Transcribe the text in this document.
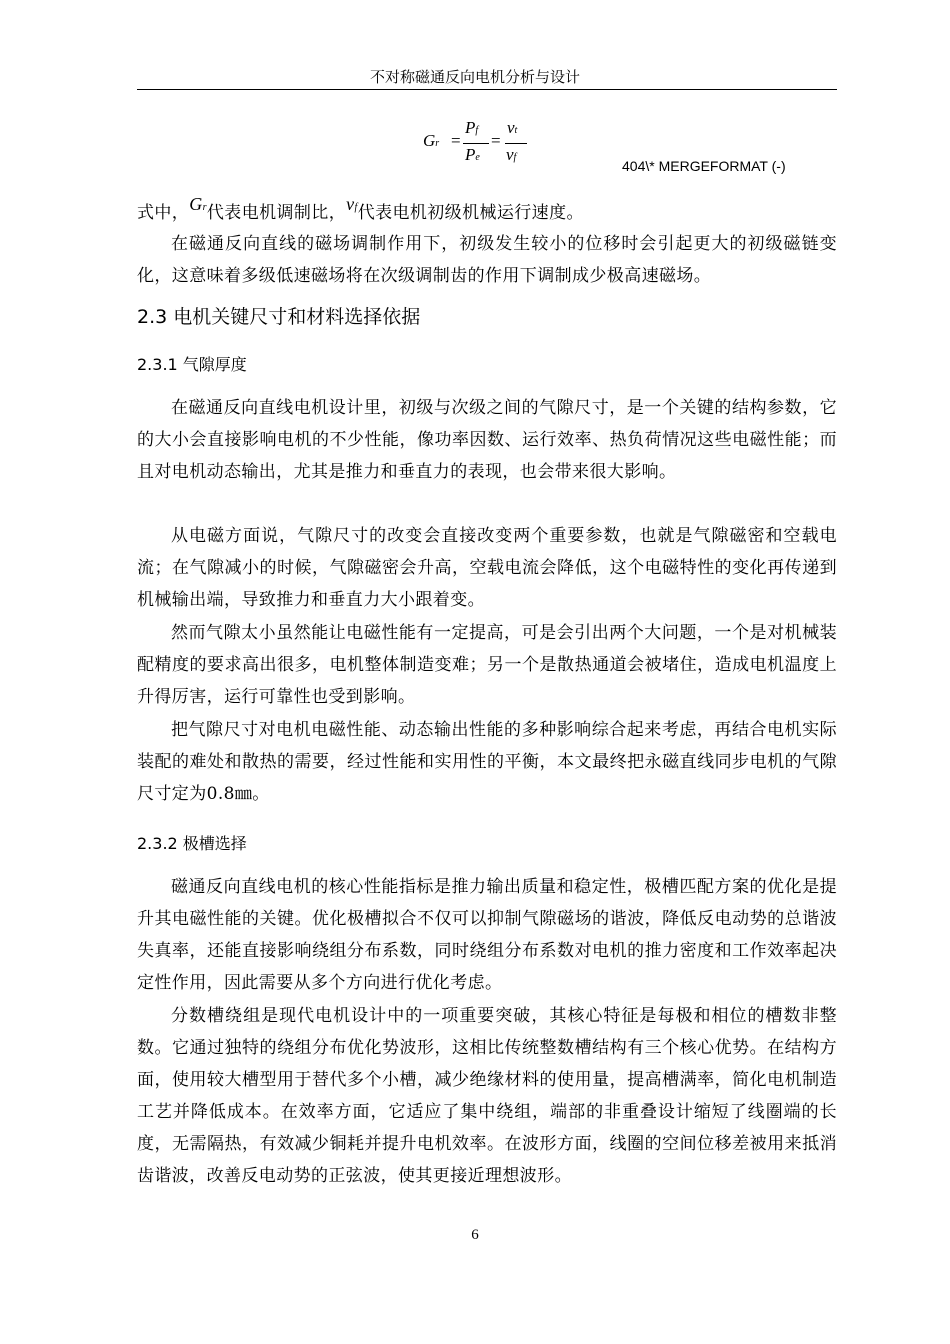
不对称磁通反向电机分析与设计
Gr =
Pf
Pe
=
vt
vf
404\* MERGEFORMAT (-)
式中，Gr代表电机调制比，vf代表电机初级机械运行速度。

在磁通反向直线的磁场调制作用下，初级发生较小的位移时会引起更大的初级磁链变化，这意味着多级低速磁场将在次级调制齿的作用下调制成少极高速磁场。

2.3 电机关键尺寸和材料选择依据
2.3.1 气隙厚度

在磁通反向直线电机设计里，初级与次级之间的气隙尺寸，是一个关键的结构参数，它的大小会直接影响电机的不少性能，像功率因数、运行效率、热负荷情况这些电磁性能；而且对电机动态输出，尤其是推力和垂直力的表现，也会带来很大影响。

从电磁方面说，气隙尺寸的改变会直接改变两个重要参数，也就是气隙磁密和空载电流；在气隙减小的时候，气隙磁密会升高，空载电流会降低，这个电磁特性的变化再传递到机械输出端，导致推力和垂直力大小跟着变。

然而气隙太小虽然能让电磁性能有一定提高，可是会引出两个大问题，一个是对机械装配精度的要求高出很多，电机整体制造变难；另一个是散热通道会被堵住，造成电机温度上升得厉害，运行可靠性也受到影响。

把气隙尺寸对电机电磁性能、动态输出性能的多种影响综合起来考虑，再结合电机实际装配的难处和散热的需要，经过性能和实用性的平衡，本文最终把永磁直线同步电机的气隙尺寸定为0.8㎜。

2.3.2 极槽选择

磁通反向直线电机的核心性能指标是推力输出质量和稳定性，极槽匹配方案的优化是提升其电磁性能的关键。优化极槽拟合不仅可以抑制气隙磁场的谐波，降低反电动势的总谐波失真率，还能直接影响绕组分布系数，同时绕组分布系数对电机的推力密度和工作效率起决定性作用，因此需要从多个方向进行优化考虑。

分数槽绕组是现代电机设计中的一项重要突破，其核心特征是每极和相位的槽数非整数。它通过独特的绕组分布优化势波形，这相比传统整数槽结构有三个核心优势。在结构方面，使用较大槽型用于替代多个小槽，减少绝缘材料的使用量，提高槽满率，简化电机制造工艺并降低成本。在效率方面，它适应了集中绕组，端部的非重叠设计缩短了线圈端的长度，无需隔热，有效减少铜耗并提升电机效率。在波形方面，线圈的空间位移差被用来抵消齿谐波，改善反电动势的正弦波，使其更接近理想波形。

6
